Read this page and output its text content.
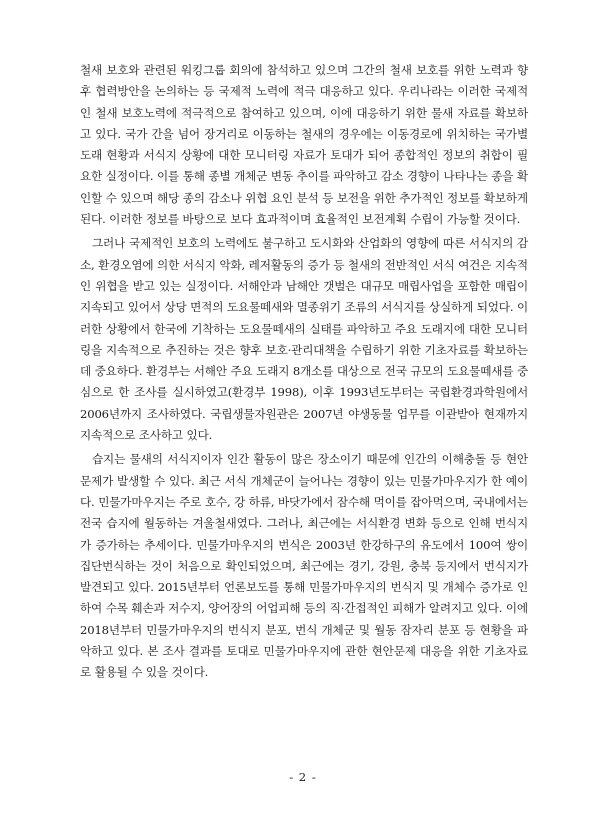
철새 보호와 관련된 워킹그룹 회의에 참석하고 있으며 그간의 철새 보호를 위한 노력과 향후 협력방안을 논의하는 등 국제적 노력에 적극 대응하고 있다. 우리나라는 이러한 국제적인 철새 보호노력에 적극적으로 참여하고 있으며, 이에 대응하기 위한 물새 자료를 확보하고 있다. 국가 간을 넘어 장거리로 이동하는 철새의 경우에는 이동경로에 위치하는 국가별 도래 현황과 서식지 상황에 대한 모니터링 자료가 토대가 되어 종합적인 정보의 취합이 필요한 실정이다. 이를 통해 종별 개체군 변동 추이를 파악하고 감소 경향이 나타나는 종을 확인할 수 있으며 해당 종의 감소나 위협 요인 분석 등 보전을 위한 추가적인 정보를 확보하게 된다. 이러한 정보를 바탕으로 보다 효과적이며 효율적인 보전계획 수립이 가능할 것이다.

그러나 국제적인 보호의 노력에도 불구하고 도시화와 산업화의 영향에 따른 서식지의 감소, 환경오염에 의한 서식지 악화, 레저활동의 증가 등 철새의 전반적인 서식 여건은 지속적인 위협을 받고 있는 실정이다. 서해안과 남해안 갯벌은 대규모 매립사업을 포함한 매립이 지속되고 있어서 상당 면적의 도요물떼새와 멸종위기 조류의 서식지를 상실하게 되었다. 이러한 상황에서 한국에 기착하는 도요물떼새의 실태를 파악하고 주요 도래지에 대한 모니터링을 지속적으로 추진하는 것은 향후 보호·관리대책을 수립하기 위한 기초자료를 확보하는데 중요하다. 환경부는 서해안 주요 도래지 8개소를 대상으로 전국 규모의 도요물떼새를 중심으로 한 조사를 실시하였고(환경부 1998), 이후 1993년도부터는 국립환경과학원에서 2006년까지 조사하였다. 국립생물자원관은 2007년 야생동물 업무를 이관받아 현재까지 지속적으로 조사하고 있다.

습지는 물새의 서식지이자 인간 활동이 많은 장소이기 때문에 인간의 이해충돌 등 현안문제가 발생할 수 있다. 최근 서식 개체군이 늘어나는 경향이 있는 민물가마우지가 한 예이다. 민물가마우지는 주로 호수, 강 하류, 바닷가에서 잠수해 먹이를 잡아먹으며, 국내에서는 전국 습지에 월동하는 겨울철새였다. 그러나, 최근에는 서식환경 변화 등으로 인해 번식지가 증가하는 추세이다. 민물가마우지의 번식은 2003년 한강하구의 유도에서 100여 쌍이 집단번식하는 것이 처음으로 확인되었으며, 최근에는 경기, 강원, 충북 등지에서 번식지가 발견되고 있다. 2015년부터 언론보도를 통해 민물가마우지의 번식지 및 개체수 증가로 인하여 수목 훼손과 저수지, 양어장의 어업피해 등의 직·간접적인 피해가 알려지고 있다. 이에 2018년부터 민물가마우지의 번식지 분포, 번식 개체군 및 월동 잠자리 분포 등 현황을 파악하고 있다. 본 조사 결과를 토대로 민물가마우지에 관한 현안문제 대응을 위한 기초자료로 활용될 수 있을 것이다.

- 2 -
